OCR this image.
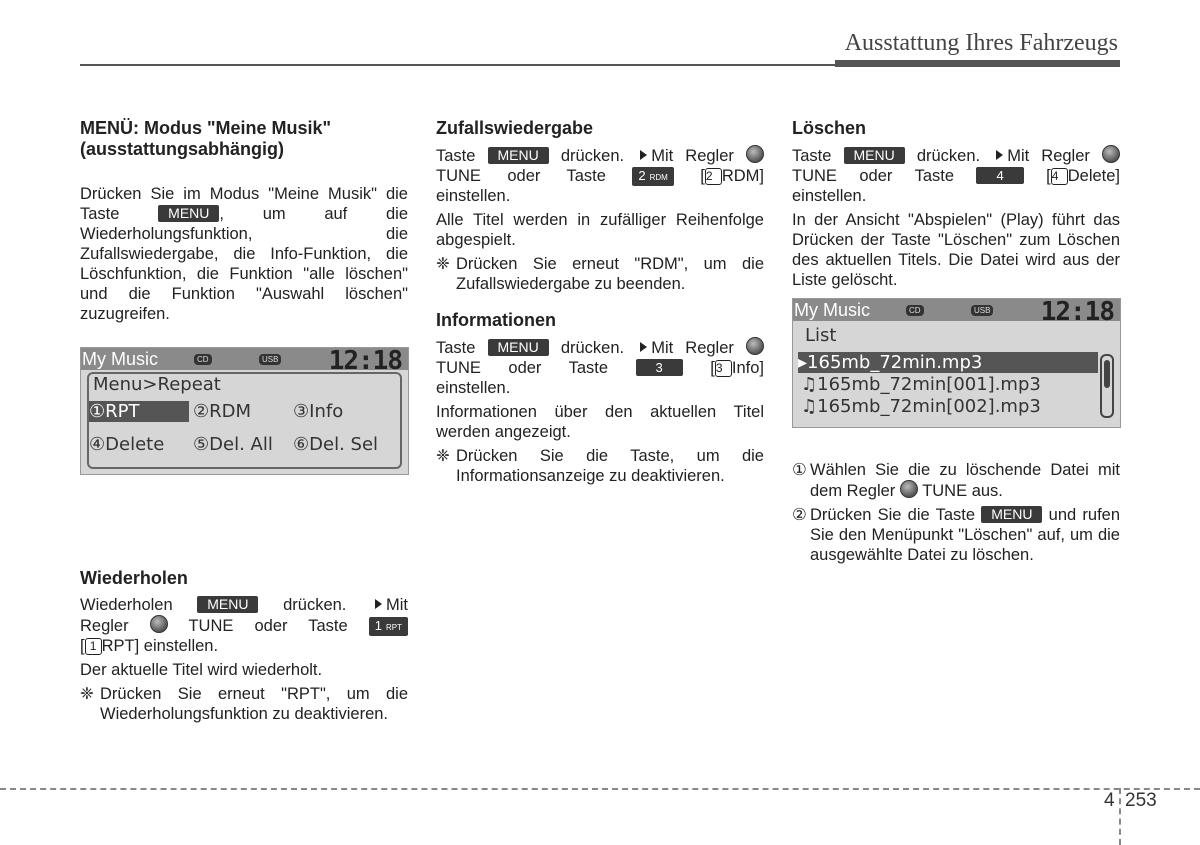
Ausstattung Ihres Fahrzeugs
MENÜ: Modus "Meine Musik" (ausstattungsabhängig)

Drücken Sie im Modus "Meine Musik" die Taste	MENU , um auf die Wiederholungsfunktion, die Zufallswiedergabe, die Info-Funktion, die Löschfunktion, die Funktion "alle löschen" und die Funktion "Auswahl löschen" zuzugreifen.

Wiederholen

Wiederholen MENU drücken. Mit

Regler	TUNE oder Taste 1 RPT

[ 1 RPT] einstellen.

Der aktuelle Titel wird wiederholt.

❈ Drücken Sie erneut "RPT", um die Wiederholungsfunktion zu deaktivieren.
My Music	CD	USB 12:18
Menu>Repeat
①RPT	②RDM ③Info
④Delete ⑤Del. All ⑥Del. Sel
Zufallswiedergabe

Taste MENU drücken. Mit Regler

TUNE oder Taste 2 RDM [2 RDM]

einstellen.

Alle Titel werden in zufälliger Reihenfolge abgespielt.

❈ Drücken Sie erneut "RDM", um die Zufallswiedergabe zu beenden.
Informationen

Taste MENU drücken. Mit Regler

TUNE oder Taste	3	[3 Info]

einstellen.

Informationen über den aktuellen Titel werden angezeigt.

❈ Drücken Sie die Taste, um die Informationsanzeige zu deaktivieren.
Löschen

Taste MENU drücken. Mit Regler

TUNE oder Taste	4	[4 Delete]

einstellen.

In der Ansicht "Abspielen" (Play) führt das Drücken der Taste "Löschen" zum Löschen des aktuellen Titels. Die Datei wird aus der Liste gelöscht.

① Wählen Sie die zu löschende Datei mit dem Regler TUNE aus.
② Drücken Sie die Taste MENU und rufen Sie den Menüpunkt "Löschen" auf, um die ausgewählte Datei zu löschen.
My Music	CD	USB 12:18
List
▸165mb_72min.mp3
♫165mb_72min[001].mp3
♫165mb_72min[002].mp3
4 253
